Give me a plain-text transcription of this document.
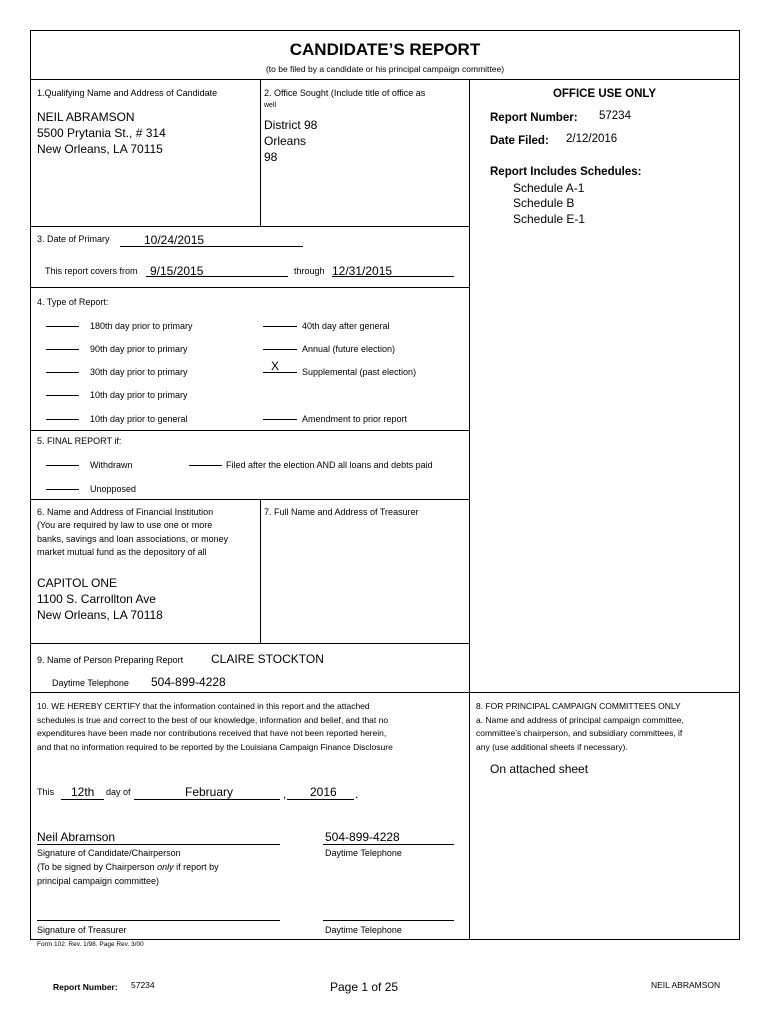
CANDIDATE’S REPORT
(to be filed by a candidate or his principal campaign committee)
1.Qualifying Name and Address of Candidate
NEIL ABRAMSON
5500 Prytania St., # 314
New Orleans, LA 70115
2. Office Sought (Include title of office as
well
District 98
Orleans
98
OFFICE USE ONLY
Report Number: 57234
Date Filed: 2/12/2016
Report Includes Schedules:
Schedule A-1
Schedule B
Schedule E-1
3. Date of Primary	10/24/2015
This report covers from 9/15/2015	through 12/31/2015
4. Type of Report:
180th day prior to primary
90th day prior to primary
30th day prior to primary
10th day prior to primary
10th day prior to general
40th day after general
Annual (future election)
X	Supplemental (past election)
Amendment to prior report
5. FINAL REPORT if:
Withdrawn	Filed after the election AND all loans and debts paid
Unopposed
6. Name and Address of Financial Institution
(You are required by law to use one or more
banks, savings and loan associations, or money
market mutual fund as the depository of all
CAPITOL ONE
1100 S. Carrollton Ave
New Orleans, LA 70118
7. Full Name and Address of Treasurer
9. Name of Person Preparing Report CLAIRE STOCKTON
Daytime Telephone 504-899-4228
10. WE HEREBY CERTIFY that the information contained in this report and the attached
schedules is true and correct to the best of our knowledge, information and belief, and that no
expenditures have been made nor contributions received that have not been reported herein,
and that no information required to be reported by the Louisiana Campaign Finance Disclosure
This 12th day of	February	, 2016 .
Neil Abramson	504-899-4228
Signature of Candidate/Chairperson	Daytime Telephone
(To be signed by Chairperson only if report by
principal campaign committee)
Signature of Treasurer	Daytime Telephone
8. FOR PRINCIPAL CAMPAIGN COMMITTEES ONLY
a. Name and address of principal campaign committee,
committee’s chairperson, and subsidiary committees, if
any (use additional sheets if necessary).
On attached sheet
Form 102. Rev. 1/98. Page Rev. 3/00
Report Number: 57234	Page 1 of 25	NEIL ABRAMSON
